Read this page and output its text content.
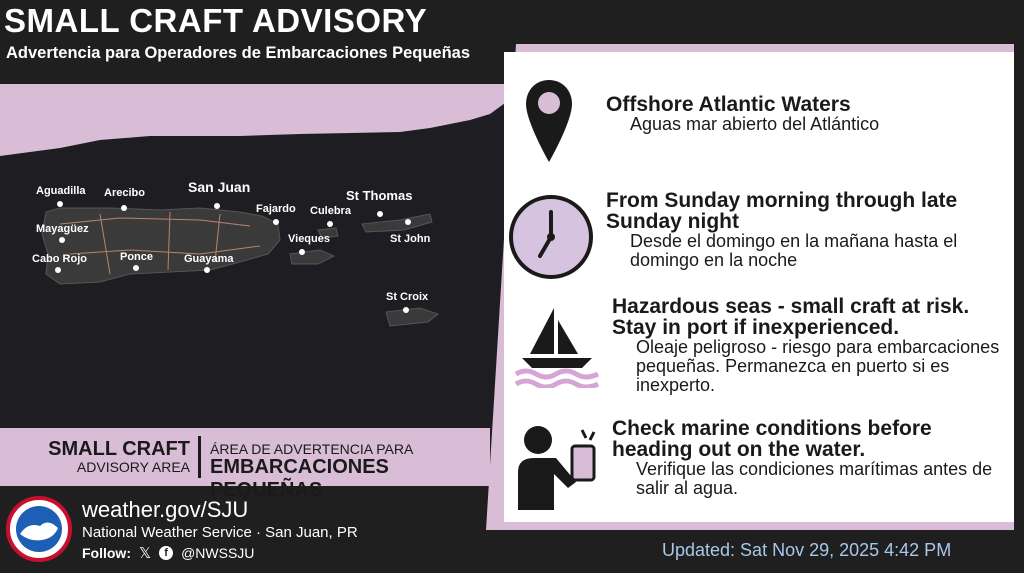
SMALL CRAFT ADVISORY
Advertencia para Operadores de Embarcaciones Pequeñas
Aguadilla Arecibo	San Juan
Fajardo Culebra
St Thomas
St John
Mayagüez
Vieques
Cabo Rojo	Ponce	Guayama
St Croix
SMALL CRAFT
ADVISORY AREA
ÁREA DE ADVERTENCIA PARA
EMBARCACIONES PEQUEÑAS
Offshore Atlantic Waters
Aguas mar abierto del Atlántico
From Sunday morning through late Sunday night
Desde el domingo en la mañana hasta el domingo en la noche
Hazardous seas - small craft at risk. Stay in port if inexperienced.
Oleaje peligroso - riesgo para embarcaciones pequeñas. Permanezca en puerto si es inexperto.
Check marine conditions before heading out on the water.
Verifique las condiciones marítimas antes de salir al agua.
weather.gov/SJU
National Weather Service · San Juan, PR
Follow: 𝕏	f @NWSSJU	Updated: Sat Nov 29, 2025 4:42 PM
